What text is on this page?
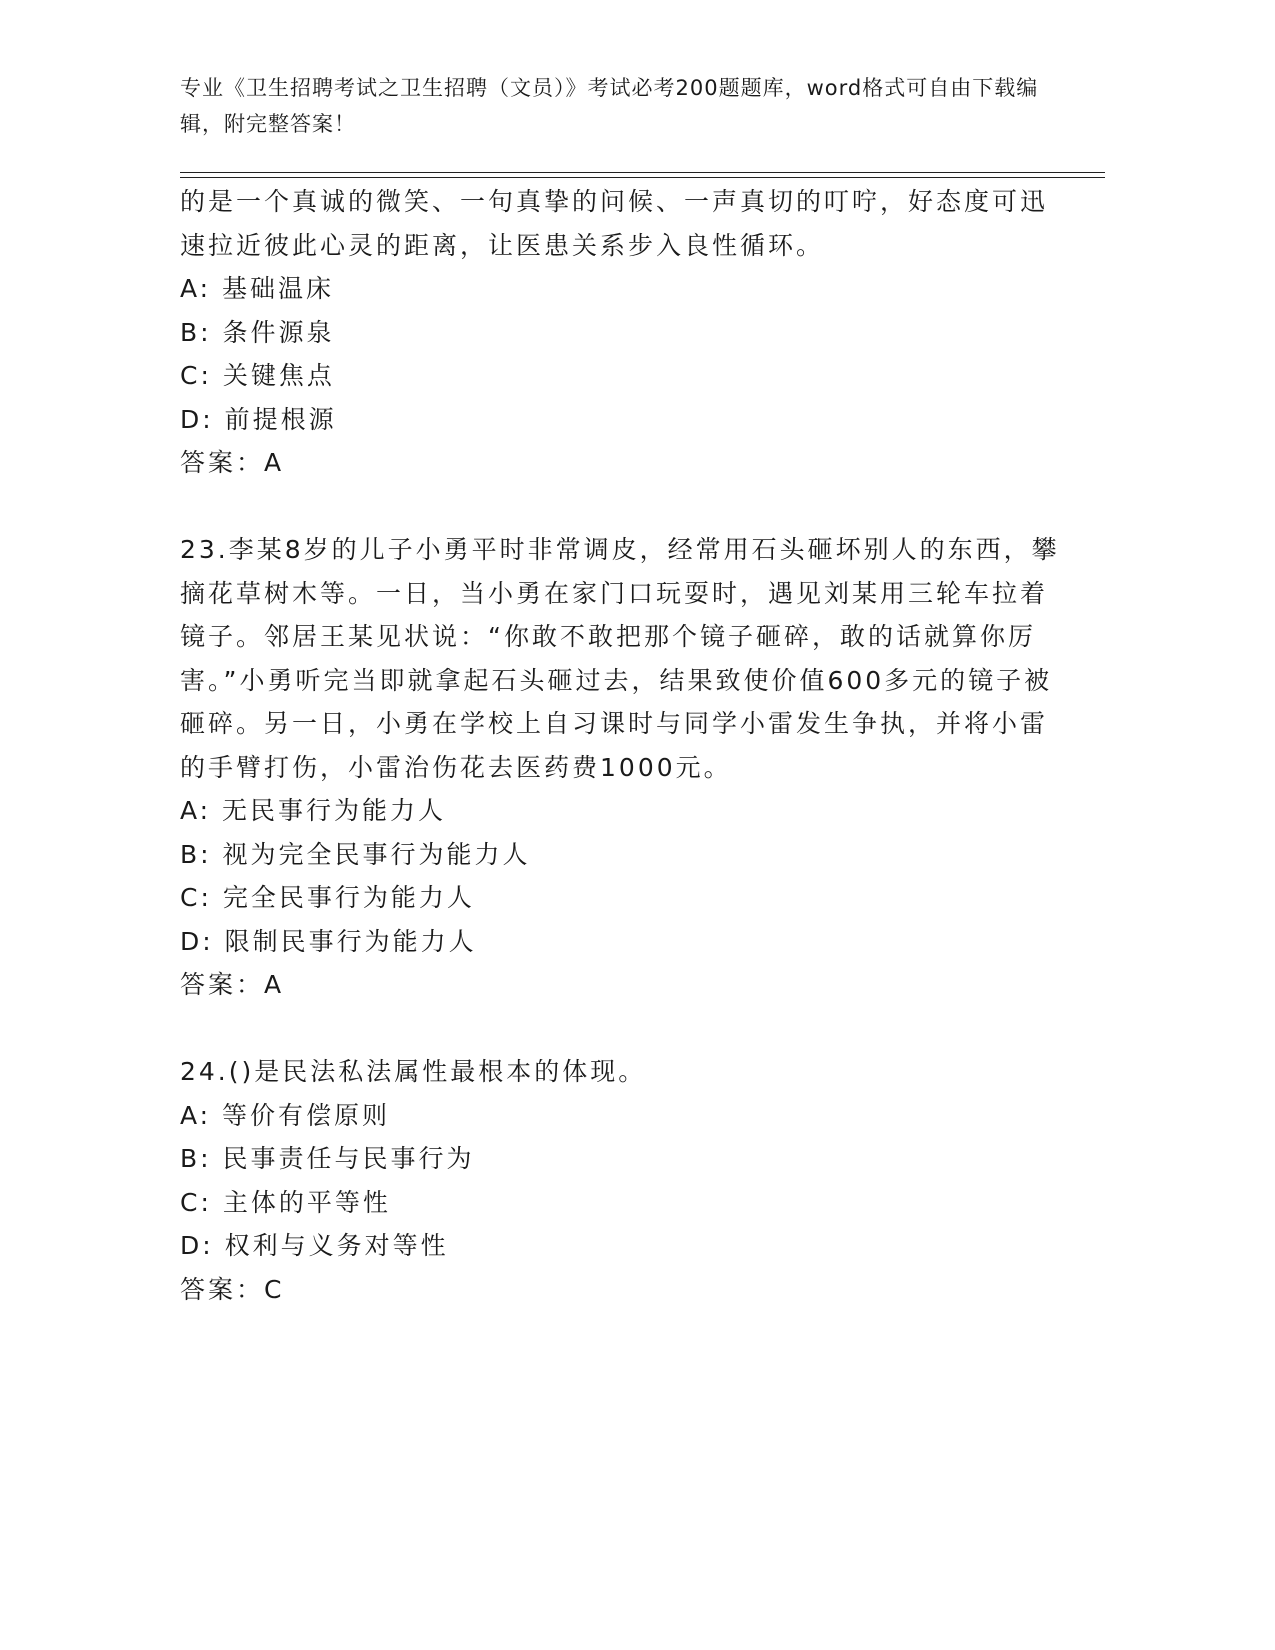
专业《卫生招聘考试之卫生招聘（文员）》考试必考200题题库，word格式可自由下载编辑，附完整答案！

的是一个真诚的微笑、一句真挚的问候、一声真切的叮咛，好态度可迅速拉近彼此心灵的距离，让医患关系步入良性循环。

A: 基础温床

B: 条件源泉

C: 关键焦点

D: 前提根源

答案：A

23.李某8岁的儿子小勇平时非常调皮，经常用石头砸坏别人的东西，攀摘花草树木等。一日，当小勇在家门口玩耍时，遇见刘某用三轮车拉着镜子。邻居王某见状说：“你敢不敢把那个镜子砸碎，敢的话就算你厉害。”小勇听完当即就拿起石头砸过去，结果致使价值600多元的镜子被砸碎。另一日，小勇在学校上自习课时与同学小雷发生争执，并将小雷的手臂打伤，小雷治伤花去医药费1000元。

A: 无民事行为能力人

B: 视为完全民事行为能力人

C: 完全民事行为能力人

D: 限制民事行为能力人

答案：A

24.()是民法私法属性最根本的体现。

A: 等价有偿原则

B: 民事责任与民事行为

C: 主体的平等性

D: 权利与义务对等性

答案：C
